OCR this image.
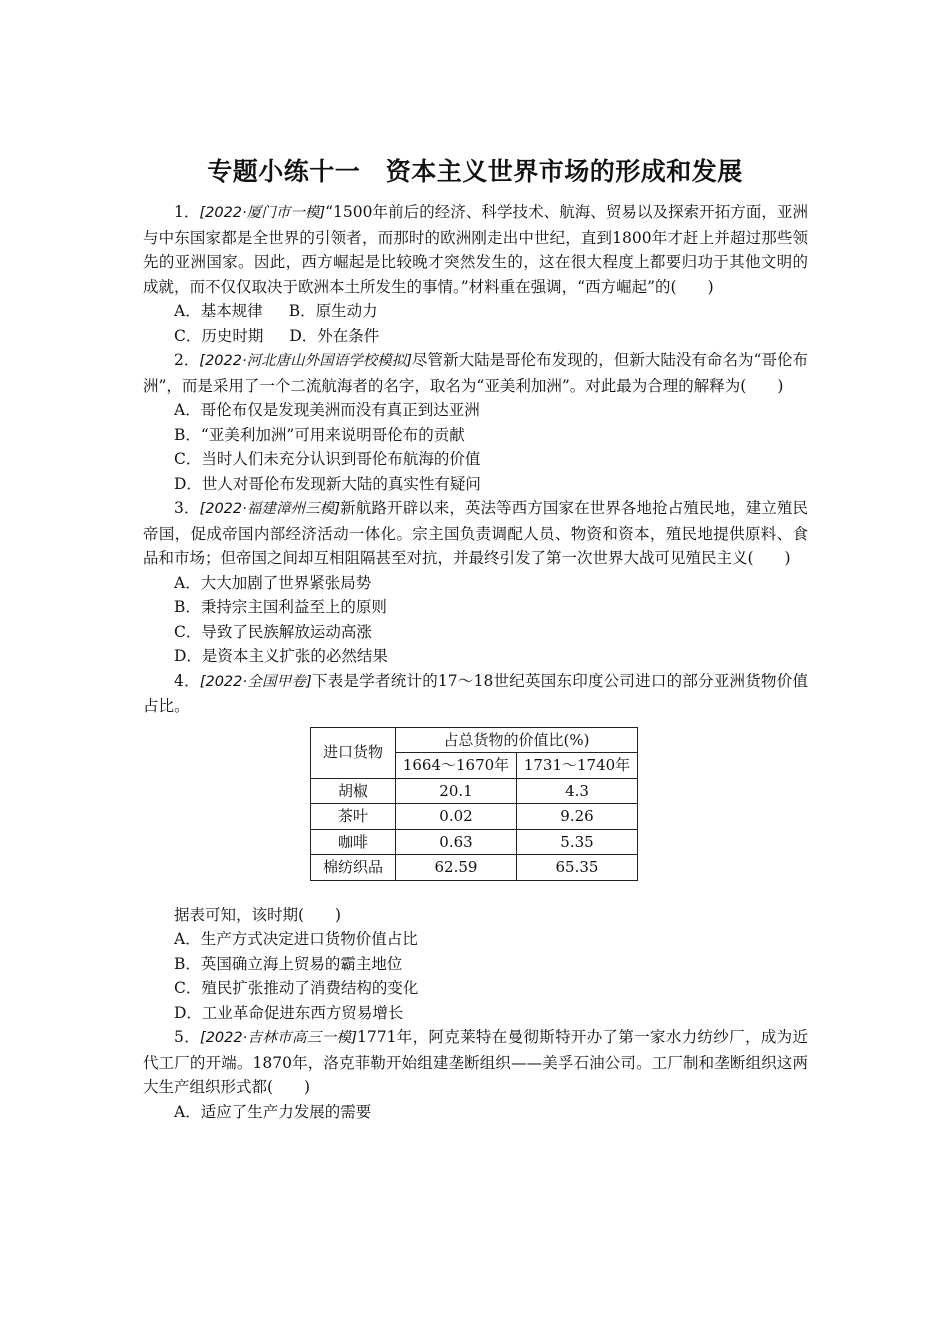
专题小练十一　资本主义世界市场的形成和发展

1．[2022·厦门市一模]“1500年前后的经济、科学技术、航海、贸易以及探索开拓方面，亚洲与中东国家都是全世界的引领者，而那时的欧洲刚走出中世纪，直到1800年才赶上并超过那些领先的亚洲国家。因此，西方崛起是比较晚才突然发生的，这在很大程度上都要归功于其他文明的成就，而不仅仅取决于欧洲本土所发生的事情。”材料重在强调，“西方崛起”的(　　)

A．基本规律 B．原生动力
C．历史时期 D．外在条件

2．[2022·河北唐山外国语学校模拟]尽管新大陆是哥伦布发现的，但新大陆没有命名为“哥伦布洲”，而是采用了一个二流航海者的名字，取名为“亚美利加洲”。对此最为合理的解释为(　　)

A．哥伦布仅是发现美洲而没有真正到达亚洲

B．“亚美利加洲”可用来说明哥伦布的贡献

C．当时人们未充分认识到哥伦布航海的价值

D．世人对哥伦布发现新大陆的真实性有疑问

3．[2022·福建漳州三模]新航路开辟以来，英法等西方国家在世界各地抢占殖民地，建立殖民帝国，促成帝国内部经济活动一体化。宗主国负责调配人员、物资和资本，殖民地提供原料、食品和市场；但帝国之间却互相阻隔甚至对抗，并最终引发了第一次世界大战可见殖民主义(　　)

A．大大加剧了世界紧张局势

B．秉持宗主国利益至上的原则

C．导致了民族解放运动高涨

D．是资本主义扩张的必然结果

4．[2022·全国甲卷]下表是学者统计的17～18世纪英国东印度公司进口的部分亚洲货物价值占比。

进口货物	占总货物的价值比(%)	
	1664～1670年	1731～1740年
胡椒	20.1	4.3
茶叶	0.02	9.26
咖啡	0.63	5.35
棉纺织品	62.59	65.35

据表可知，该时期(　　)

A．生产方式决定进口货物价值占比

B．英国确立海上贸易的霸主地位

C．殖民扩张推动了消费结构的变化

D．工业革命促进东西方贸易增长

5．[2022·吉林市高三一模]1771年，阿克莱特在曼彻斯特开办了第一家水力纺纱厂，成为近代工厂的开端。1870年，洛克菲勒开始组建垄断组织——美孚石油公司。工厂制和垄断组织这两大生产组织形式都(　　)

A．适应了生产力发展的需要
